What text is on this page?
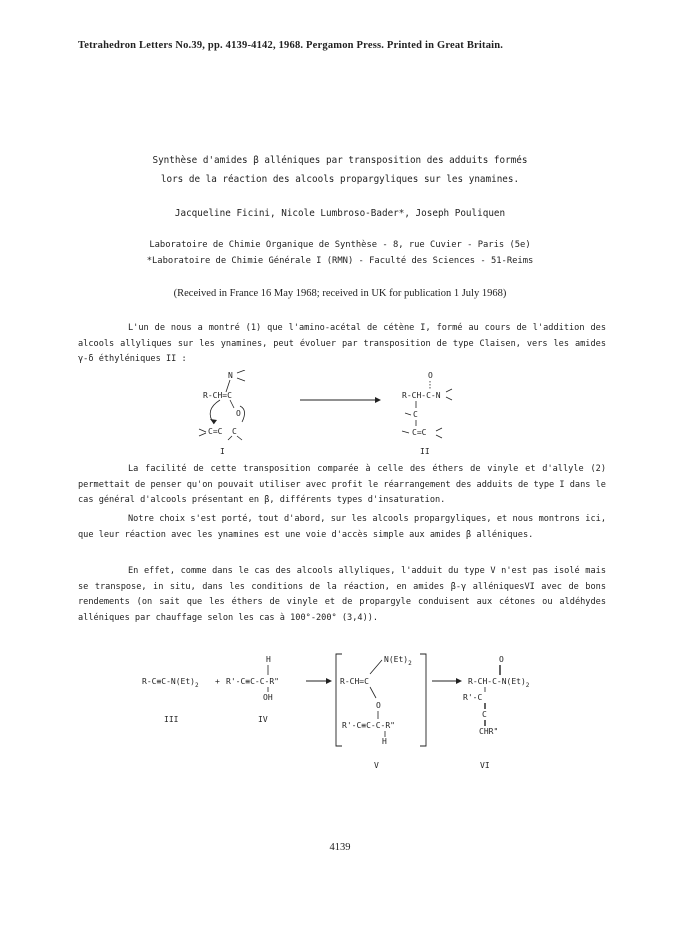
Tetrahedron Letters No.39, pp. 4139-4142, 1968. Pergamon Press. Printed in Great Britain.
Synthèse d'amides β alléniques par transposition des adduits formés
lors de la réaction des alcools propargyliques sur les ynamines.
Jacqueline Ficini, Nicole Lumbroso-Bader*, Joseph Pouliquen
Laboratoire de Chimie Organique de Synthèse - 8, rue Cuvier - Paris (5e)
*Laboratoire de Chimie Générale I (RMN) - Faculté des Sciences - 51-Reims
(Received in France 16 May 1968; received in UK for publication 1 July 1968)

L'un de nous a montré (1) que l'amino-acétal de cétène I, formé au cours de l'addition des alcools allyliques sur les ynamines, peut évoluer par transposition de type Claisen, vers les amides γ-δ éthyléniques II :

N
R-CH=C
O
C=C C
I
O
R-CH-C-N
C
C=C
II

La facilité de cette transposition comparée à celle des éthers de vinyle et d'allyle (2) permettait de penser qu'on pouvait utiliser avec profit le réarrangement des adduits de type I dans le cas général d'alcools présentant en β, différents types d'insaturation.

Notre choix s'est porté, tout d'abord, sur les alcools propargyliques, et nous montrons ici, que leur réaction avec les ynamines est une voie d'accès simple aux amides β alléniques.

En effet, comme dans le cas des alcools allyliques, l'adduit du type V n'est pas isolé mais se transpose, in situ, dans les conditions de la réaction, en amides β-γ alléniquesVI avec de bons rendements (on sait que les éthers de vinyle et de propargyle conduisent aux cétones ou aldéhydes alléniques par chauffage selon les cas à 100°-200° (3,4)).

$R-C\equiv C-N(Et)_2$ +
H
R'-C≡C-C-R"
OH
$N(Et)_2$
R-CH=C
O
R'-C≡C-C-R"
H
O
$R-CH-C-N(Et)_2$
R'-C
C
CHR"
III	IV
V	VI
4139
